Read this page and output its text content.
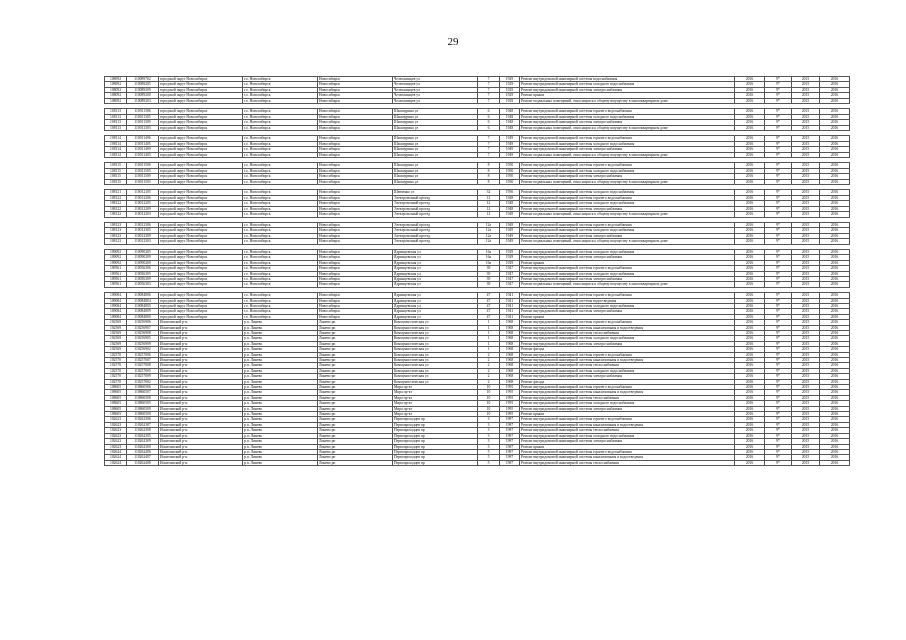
29
108092	110089702	городской округ Новосибирск	г.о. Новосибирск	Новосибирск	Челюскинцев ул	7	1929	Ремонт внутридомовой инженерной системы водоснабжения	2016	9*	2015	2016
108092	110089205	городской округ Новосибирск	г.о. Новосибирск	Новосибирск	Челюскинцев ул	7	1929	Ремонт внутридомовой инженерной системы холодного водоснабжения	2016	9*	2015	2016
108092	110089209	городской округ Новосибирск	г.о. Новосибирск	Новосибирск	Челюскинцев ул	7	1929	Ремонт внутридомовой инженерной системы электроснабжения	2016	9*	2015	2016
108092	110089200	городской округ Новосибирск	г.о. Новосибирск	Новосибирск	Челюскинцев ул	7	1929	Ремонт крыши	2016	9*	2015	2016
108092	110089203	городской округ Новосибирск	г.о. Новосибирск	Новосибирск	Челюскинцев ул	7	1929	Ремонт подвальных помещений, относящихся к общему имуществу в многоквартирном доме	2016	9*	2015	2016

108113	110011306	городской округ Новосибирск	г.о. Новосибирск	Новосибирск	Шамшурина ул	6	1948	Ремонт внутридомовой инженерной системы горячего водоснабжения	2016	9*	2015	2016
108113	110011305	городской округ Новосибирск	г.о. Новосибирск	Новосибирск	Шамшурина ул	6	1948	Ремонт внутридомовой инженерной системы холодного водоснабжения	2016	9*	2015	2016
108113	110011309	городской округ Новосибирск	г.о. Новосибирск	Новосибирск	Шамшурина ул	6	1948	Ремонт внутридомовой инженерной системы электроснабжения	2016	9*	2015	2016
108113	110011303	городской округ Новосибирск	г.о. Новосибирск	Новосибирск	Шамшурина ул	6	1948	Ремонт подвальных помещений, относящихся к общему имуществу в многоквартирном доме	2016	9*	2015	2016

108114	110011406	городской округ Новосибирск	г.о. Новосибирск	Новосибирск	Шамшурина ул	7	1949	Ремонт внутридомовой инженерной системы горячего водоснабжения	2016	9*	2015	2016
108114	110011405	городской округ Новосибирск	г.о. Новосибирск	Новосибирск	Шамшурина ул	7	1949	Ремонт внутридомовой инженерной системы холодного водоснабжения	2016	9*	2015	2016
108114	110011409	городской округ Новосибирск	г.о. Новосибирск	Новосибирск	Шамшурина ул	7	1949	Ремонт внутридомовой инженерной системы электроснабжения	2016	9*	2015	2016
108114	110011403	городской округ Новосибирск	г.о. Новосибирск	Новосибирск	Шамшурина ул	7	1949	Ремонт подвальных помещений, относящихся к общему имуществу в многоквартирном доме	2016	9*	2015	2016

108115	110011506	городской округ Новосибирск	г.о. Новосибирск	Новосибирск	Шамшурина ул	8	1950	Ремонт внутридомовой инженерной системы горячего водоснабжения	2016	9*	2015	2016
108115	110011505	городской округ Новосибирск	г.о. Новосибирск	Новосибирск	Шамшурина ул	8	1950	Ремонт внутридомовой инженерной системы холодного водоснабжения	2016	9*	2015	2016
108115	110011509	городской округ Новосибирск	г.о. Новосибирск	Новосибирск	Шамшурина ул	8	1950	Ремонт внутридомовой инженерной системы электроснабжения	2016	9*	2015	2016
108115	110011503	городской округ Новосибирск	г.о. Новосибирск	Новосибирск	Шамшурина ул	8	1950	Ремонт подвальных помещений, относящихся к общему имуществу в многоквартирном доме	2016	9*	2015	2016

108121	110012105	городской округ Новосибирск	г.о. Новосибирск	Новосибирск	Шевченко ул	32	1956	Ремонт внутридомовой инженерной системы холодного водоснабжения	2016	9*	2015	2016
108122	110012206	городской округ Новосибирск	г.о. Новосибирск	Новосибирск	Электровозный проезд	12	1948	Ремонт внутридомовой инженерной системы горячего водоснабжения	2016	9*	2015	2016
108122	110012205	городской округ Новосибирск	г.о. Новосибирск	Новосибирск	Электровозный проезд	12	1948	Ремонт внутридомовой инженерной системы холодного водоснабжения	2016	9*	2015	2016
108122	110012209	городской округ Новосибирск	г.о. Новосибирск	Новосибирск	Электровозный проезд	12	1948	Ремонт внутридомовой инженерной системы электроснабжения	2016	9*	2015	2016
108122	110012203	городской округ Новосибирск	г.о. Новосибирск	Новосибирск	Электровозный проезд	12	1948	Ремонт подвальных помещений, относящихся к общему имуществу в многоквартирном доме	2016	9*	2015	2016

108123	110012306	городской округ Новосибирск	г.о. Новосибирск	Новосибирск	Электровозный проезд	12а	1949	Ремонт внутридомовой инженерной системы горячего водоснабжения	2016	9*	2015	2016
108123	110012305	городской округ Новосибирск	г.о. Новосибирск	Новосибирск	Электровозный проезд	12а	1949	Ремонт внутридомовой инженерной системы холодного водоснабжения	2016	9*	2015	2016
108123	110012309	городской округ Новосибирск	г.о. Новосибирск	Новосибирск	Электровозный проезд	12а	1949	Ремонт внутридомовой инженерной системы электроснабжения	2016	9*	2015	2016
108123	110012303	городской округ Новосибирск	г.о. Новосибирск	Новосибирск	Электровозный проезд	12а	1949	Ремонт подвальных помещений, относящихся к общему имуществу в многоквартирном доме	2016	9*	2015	2016

109092	110090205	городской округ Новосибирск	г.о. Новосибирск	Новосибирск	Ядринцевская ул	16а	1929	Ремонт внутридомовой инженерной системы холодного водоснабжения	2016	9*	2015	2016
109092	110090209	городской округ Новосибирск	г.о. Новосибирск	Новосибирск	Ядринцевская ул	16а	1929	Ремонт внутридомовой инженерной системы электроснабжения	2016	9*	2015	2016
109092	110090200	городской округ Новосибирск	г.о. Новосибирск	Новосибирск	Ядринцевская ул	16а	1929	Ремонт крыши	2016	9*	2015	2016
109561	110056306	городской округ Новосибирск	г.о. Новосибирск	Новосибирск	Ядринцевская ул	39	1947	Ремонт внутридомовой инженерной системы горячего водоснабжения	2016	9*	2015	2016
109561	110056305	городской округ Новосибирск	г.о. Новосибирск	Новосибирск	Ядринцевская ул	39	1947	Ремонт внутридомовой инженерной системы холодного водоснабжения	2016	9*	2015	2016
109561	110056309	городской округ Новосибирск	г.о. Новосибирск	Новосибирск	Ядринцевская ул	39	1947	Ремонт внутридомовой инженерной системы электроснабжения	2016	9*	2015	2016
109561	110056303	городской округ Новосибирск	г.о. Новосибирск	Новосибирск	Ядринцевская ул	39	1947	Ремонт подвальных помещений, относящихся к общему имуществу в многоквартирном доме	2016	9*	2015	2016

109084	110084806	городской округ Новосибирск	г.о. Новосибирск	Новосибирск	Ядринцевская ул	47	1941	Ремонт внутридомовой инженерной системы горячего водоснабжения	2016	9*	2015	2016
109084	110084804	городской округ Новосибирск	г.о. Новосибирск	Новосибирск	Ядринцевская ул	47	1941	Ремонт внутридомовой инженерной системы водоотведения	2016	9*	2015	2016
109084	110084805	городской округ Новосибирск	г.о. Новосибирск	Новосибирск	Ядринцевская ул	47	1941	Ремонт внутридомовой инженерной системы холодного водоснабжения	2016	9*	2015	2016
109084	110084809	городской округ Новосибирск	г.о. Новосибирск	Новосибирск	Ядринцевская ул	47	1941	Ремонт внутридомовой инженерной системы электроснабжения	2016	9*	2015	2016
109084	110084800	городской округ Новосибирск	г.о. Новосибирск	Новосибирск	Ядринцевская ул	47	1941	Ремонт крыши	2016	9*	2015	2016
102569	110256906	Искитимский р-н	р.п. Линево	Линево рп	Коммунистическая ул	1	1968	Ремонт внутридомовой инженерной системы горячего водоснабжения	2016	9*	2015	2016
102569	110256907	Искитимский р-н	р.п. Линево	Линево рп	Коммунистическая ул	1	1968	Ремонт внутридомовой инженерной системы канализования и водоотведения	2016	9*	2015	2016
102569	110256908	Искитимский р-н	р.п. Линево	Линево рп	Коммунистическая ул	1	1968	Ремонт внутридомовой инженерной системы теплоснабжения	2016	9*	2015	2016
102569	110256905	Искитимский р-н	р.п. Линево	Линево рп	Коммунистическая ул	1	1968	Ремонт внутридомовой инженерной системы холодного водоснабжения	2016	9*	2015	2016
102569	110256909	Искитимский р-н	р.п. Линево	Линево рп	Коммунистическая ул	1	1968	Ремонт внутридомовой инженерной системы электроснабжения	2016	9*	2015	2016
102569	110256902	Искитимский р-н	р.п. Линево	Линево рп	Коммунистическая ул	1	1968	Ремонт фасада	2016	9*	2015	2016
102570	110257006	Искитимский р-н	р.п. Линево	Линево рп	Коммунистическая ул	2	1968	Ремонт внутридомовой инженерной системы горячего водоснабжения	2016	9*	2015	2016
102570	110257007	Искитимский р-н	р.п. Линево	Линево рп	Коммунистическая ул	2	1968	Ремонт внутридомовой инженерной системы канализования и водоотведения	2016	9*	2015	2016
102570	110257008	Искитимский р-н	р.п. Линево	Линево рп	Коммунистическая ул	2	1968	Ремонт внутридомовой инженерной системы теплоснабжения	2016	9*	2015	2016
102570	110257005	Искитимский р-н	р.п. Линево	Линево рп	Коммунистическая ул	2	1968	Ремонт внутридомовой инженерной системы холодного водоснабжения	2016	9*	2015	2016
102570	110257009	Искитимский р-н	р.п. Линево	Линево рп	Коммунистическая ул	2	1968	Ремонт внутридомовой инженерной системы электроснабжения	2016	9*	2015	2016
102570	110257002	Искитимский р-н	р.п. Линево	Линево рп	Коммунистическая ул	2	1968	Ремонт фасада	2016	9*	2015	2016
108605	110860506	Искитимский р-н	р.п. Линево	Линево рп	Мира пр-кт	10	1995	Ремонт внутридомовой инженерной системы горячего водоснабжения	2016	9*	2015	2016
108605	110860507	Искитимский р-н	р.п. Линево	Линево рп	Мира пр-кт	10	1995	Ремонт внутридомовой инженерной системы канализования и водоотведения	2016	9*	2015	2016
108605	110860508	Искитимский р-н	р.п. Линево	Линево рп	Мира пр-кт	10	1995	Ремонт внутридомовой инженерной системы теплоснабжения	2016	9*	2015	2016
108605	110860505	Искитимский р-н	р.п. Линево	Линево рп	Мира пр-кт	10	1995	Ремонт внутридомовой инженерной системы холодного водоснабжения	2016	9*	2015	2016
108605	110860509	Искитимский р-н	р.п. Линево	Линево рп	Мира пр-кт	10	1995	Ремонт внутридомовой инженерной системы электроснабжения	2016	9*	2015	2016
108605	110860500	Искитимский р-н	р.п. Линево	Линево рп	Мира пр-кт	10	1995	Ремонт крыши	2016	9*	2015	2016
102623	110262306	Искитимский р-н	р.п. Линево	Линево рп	Первопроходцев пр	3	1987	Ремонт внутридомовой инженерной системы горячего водоснабжения	2016	9*	2015	2016
102623	110262307	Искитимский р-н	р.п. Линево	Линево рп	Первопроходцев пр	3	1987	Ремонт внутридомовой инженерной системы канализования и водоотведения	2016	9*	2015	2016
102623	110262308	Искитимский р-н	р.п. Линево	Линево рп	Первопроходцев пр	3	1987	Ремонт внутридомовой инженерной системы теплоснабжения	2016	9*	2015	2016
102623	110262305	Искитимский р-н	р.п. Линево	Линево рп	Первопроходцев пр	3	1987	Ремонт внутридомовой инженерной системы холодного водоснабжения	2016	9*	2015	2016
102623	110262309	Искитимский р-н	р.п. Линево	Линево рп	Первопроходцев пр	3	1987	Ремонт внутридомовой инженерной системы электроснабжения	2016	9*	2015	2016
102623	110262300	Искитимский р-н	р.п. Линево	Линево рп	Первопроходцев пр	3	1987	Ремонт крыши	2016	9*	2015	2016
102624	110262406	Искитимский р-н	р.п. Линево	Линево рп	Первопроходцев пр	5	1987	Ремонт внутридомовой инженерной системы горячего водоснабжения	2016	9*	2015	2016
102624	110262407	Искитимский р-н	р.п. Линево	Линево рп	Первопроходцев пр	5	1987	Ремонт внутридомовой инженерной системы канализования и водоотведения	2016	9*	2015	2016
102624	110262408	Искитимский р-н	р.п. Линево	Линево рп	Первопроходцев пр	5	1987	Ремонт внутридомовой инженерной системы теплоснабжения	2016	9*	2015	2016
